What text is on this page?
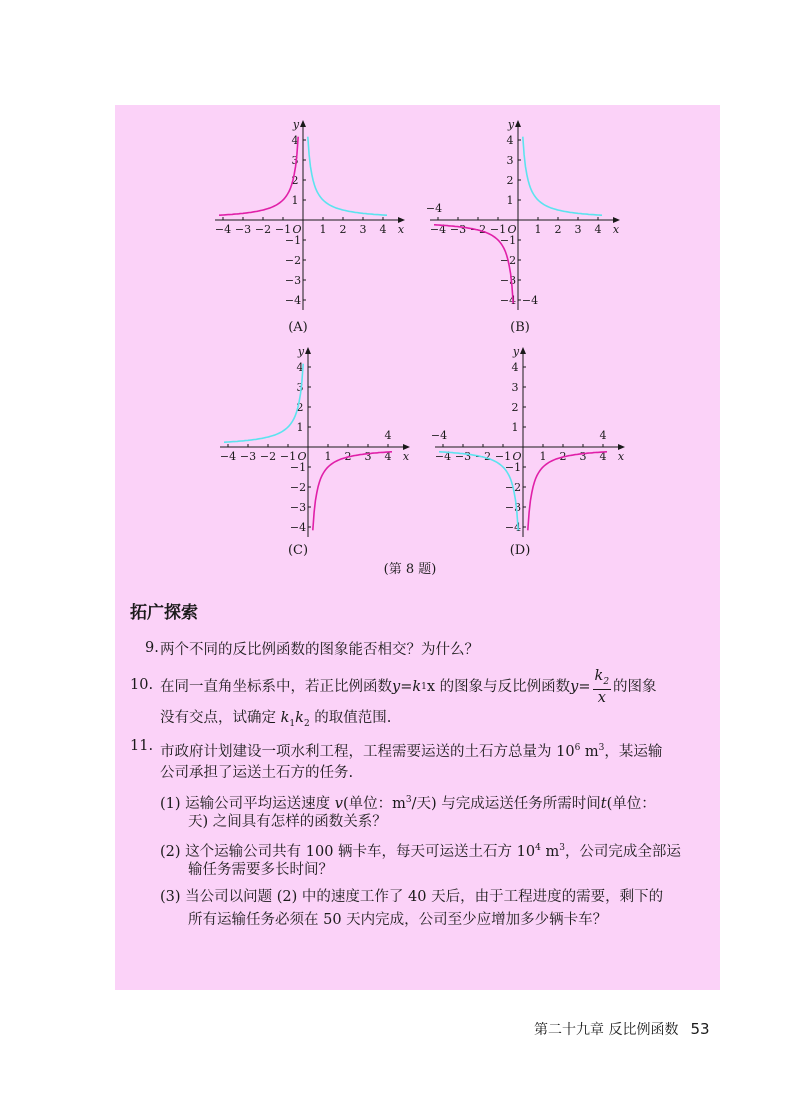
x
y
O
−4 −3 −2 −1	1 2 3 4
1
−1
2
−2
3
−3
4
−4
x
y
O
−4 −3 −2 −1	1 2 3 4
1
−1
2
−2
3
−3
4
−4
−4
−4
x
y
O
−4 −3 −2 −1	1 2 3 4
1
−1
2
−2
3
−3
4
−4
4
x
y
O
−4 −3 −2 −1	1 2 3 4
1
−1
2
−2
3
−3
4
−4
−4	4
(A)	(B)
(C)	(D)
(第 8 题)
拓广探索
9. 两个不同的反比例函数的图象能否相交？为什么？
10. 在同一直角坐标系中，若正比例函数 y=k 1 x 的图象与反比例函数 $y= \frac{k_2}{x}$ 的图象
没有交点，试确定 $k_1k_2$ 的取值范围.
11. 市政府计划建设一项水利工程，工程需要运送的土石方总量为 $10^6$ $m^3$，某运输
公司承担了运送土石方的任务.
(1) 运输公司平均运送速度 v(单位：$m^3/$天) 与完成运送任务所需时间t(单位：
天) 之间具有怎样的函数关系？
(2) 这个运输公司共有 100 辆卡车，每天可运送土石方 $10^4$ $m^3$，公司完成全部运
输任务需要多长时间？
(3) 当公司以问题 (2) 中的速度工作了 40 天后，由于工程进度的需要，剩下的
所有运输任务必须在 50 天内完成，公司至少应增加多少辆卡车？
第二十九章 反比例函数 53
